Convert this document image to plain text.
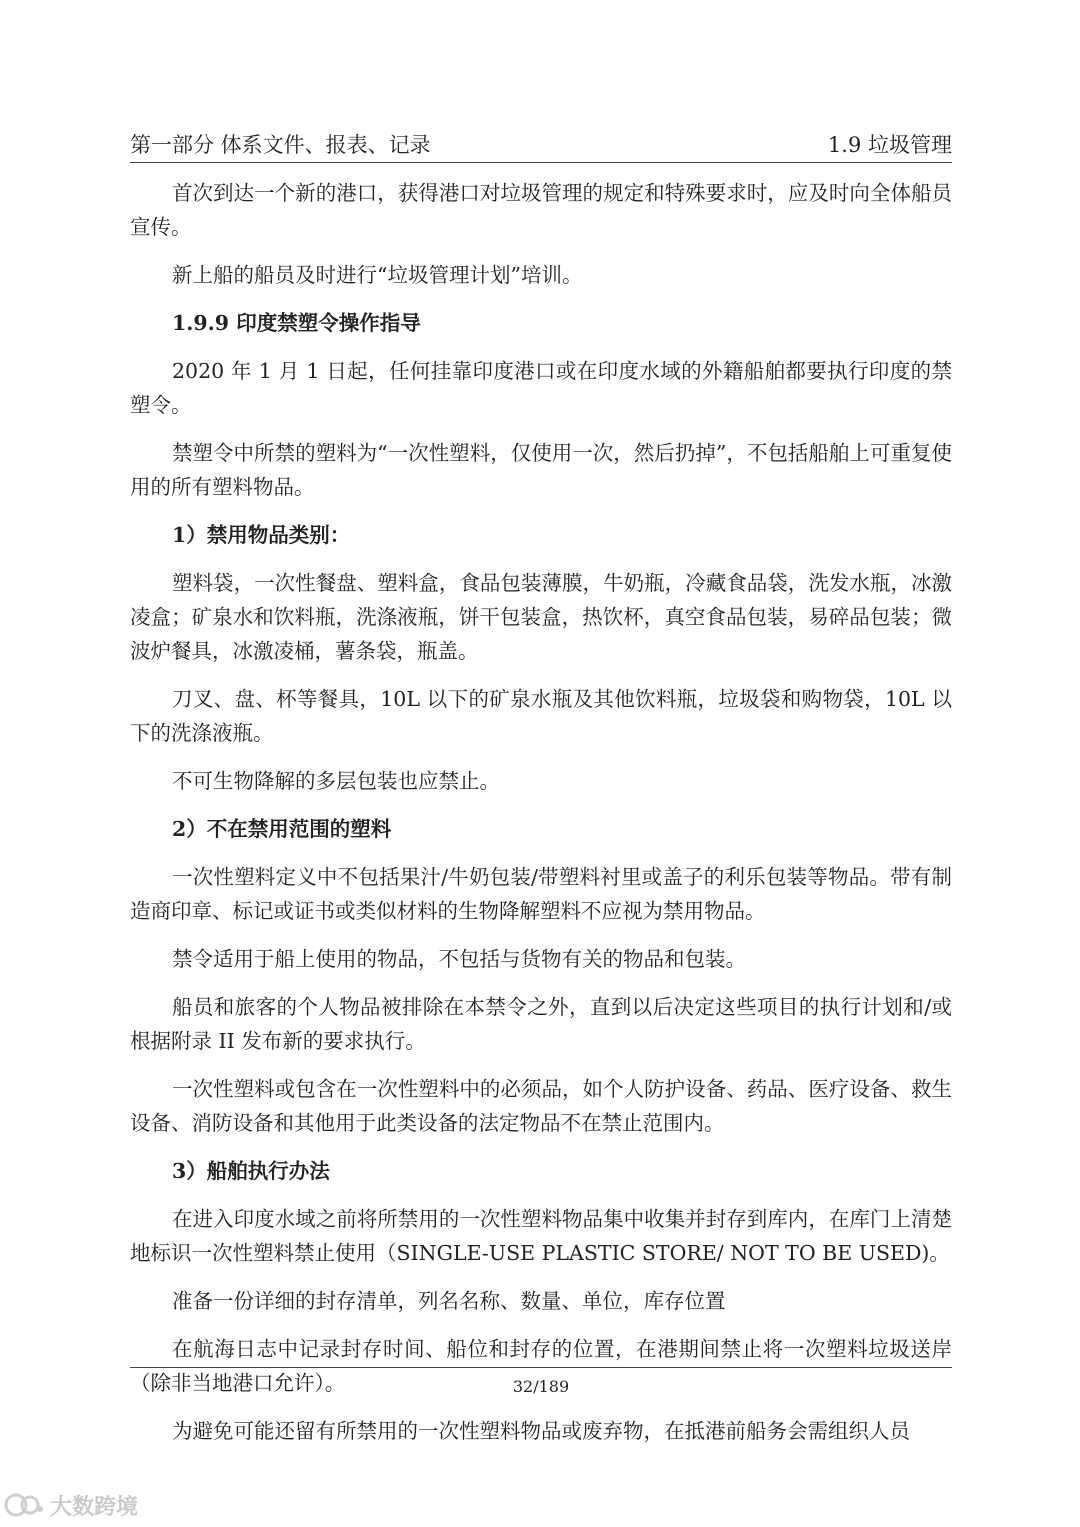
第一部分 体系文件、报表、记录	1.9 垃圾管理

首次到达一个新的港口，获得港口对垃圾管理的规定和特殊要求时，应及时向全体船员宣传。

新上船的船员及时进行“垃圾管理计划”培训。

1.9.9 印度禁塑令操作指导

2020 年 1 月 1 日起，任何挂靠印度港口或在印度水域的外籍船舶都要执行印度的禁塑令。

禁塑令中所禁的塑料为“一次性塑料，仅使用一次，然后扔掉”，不包括船舶上可重复使用的所有塑料物品。

1）禁用物品类别：

塑料袋，一次性餐盘、塑料盒，食品包装薄膜，牛奶瓶，冷藏食品袋，洗发水瓶，冰激凌盒；矿泉水和饮料瓶，洗涤液瓶，饼干包装盒，热饮杯，真空食品包装，易碎品包装；微波炉餐具，冰激凌桶，薯条袋，瓶盖。

刀叉、盘、杯等餐具，10L 以下的矿泉水瓶及其他饮料瓶，垃圾袋和购物袋，10L 以下的洗涤液瓶。

不可生物降解的多层包装也应禁止。

2）不在禁用范围的塑料

一次性塑料定义中不包括果汁/牛奶包装/带塑料衬里或盖子的利乐包装等物品。带有制造商印章、标记或证书或类似材料的生物降解塑料不应视为禁用物品。

禁令适用于船上使用的物品，不包括与货物有关的物品和包装。

船员和旅客的个人物品被排除在本禁令之外，直到以后决定这些项目的执行计划和/或根据附录 II 发布新的要求执行。

一次性塑料或包含在一次性塑料中的必须品，如个人防护设备、药品、医疗设备、救生设备、消防设备和其他用于此类设备的法定物品不在禁止范围内。

3）船舶执行办法

在进入印度水域之前将所禁用的一次性塑料物品集中收集并封存到库内，在库门上清楚地标识一次性塑料禁止使用（SINGLE-USE PLASTIC STORE/ NOT TO BE USED)。

准备一份详细的封存清单，列名名称、数量、单位，库存位置

在航海日志中记录封存时间、船位和封存的位置，在港期间禁止将一次塑料垃圾送岸（除非当地港口允许）。

为避免可能还留有所禁用的一次性塑料物品或废弃物，在抵港前船务会需组织人员

32/189
大数跨境
